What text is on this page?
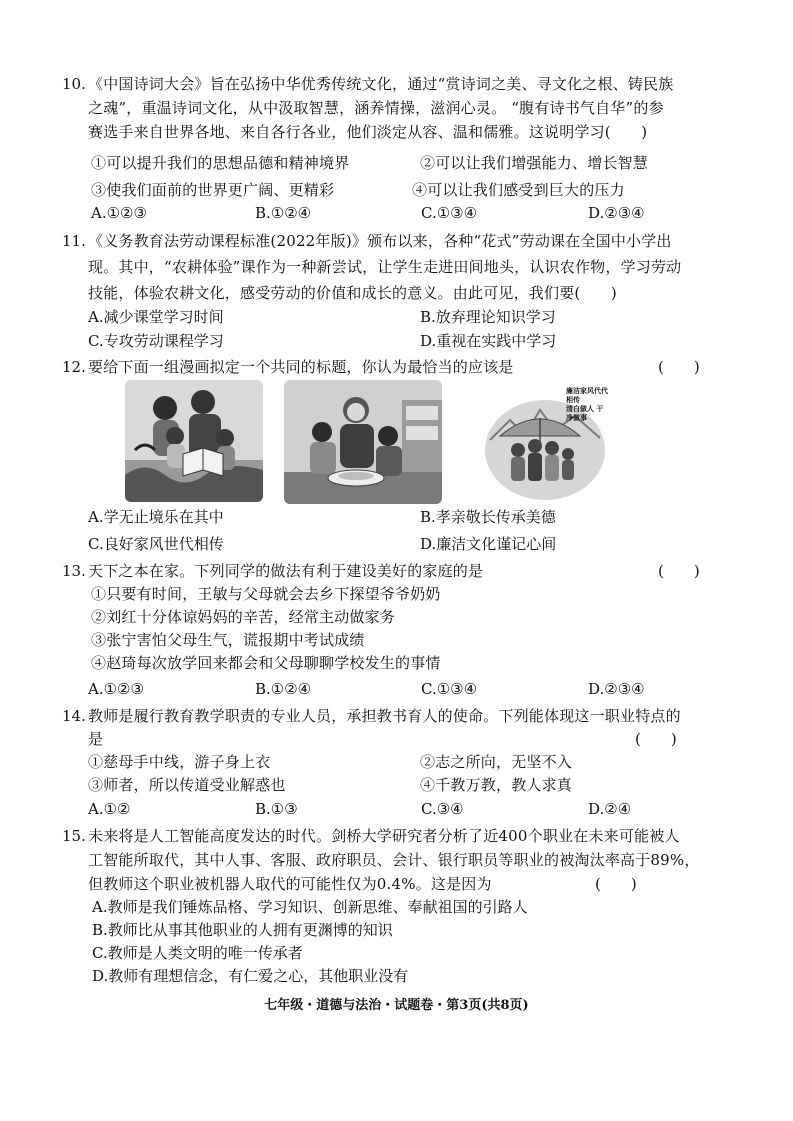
10. 《中国诗词大会》旨在弘扬中华优秀传统文化，通过“赏诗词之美、寻文化之根、铸民族
之魂”，重温诗词文化，从中汲取智慧，涵养情操，滋润心灵。 “腹有诗书气自华”的参
赛选手来自世界各地、来自各行各业，他们淡定从容、温和儒雅。这说明学习(　　)
①可以提升我们的思想品德和精神境界	②可以让我们增强能力、增长智慧
③使我们面前的世界更广阔、更精彩	④可以让我们感受到巨大的压力
A.①②③	B.①②④	C.①③④	D.②③④
11. 《义务教育法劳动课程标准(2022年版)》颁布以来，各种“花式”劳动课在全国中小学出
现。其中，“农耕体验”课作为一种新尝试，让学生走进田间地头，认识农作物，学习劳动
技能，体验农耕文化，感受劳动的价值和成长的意义。由此可见，我们要(　　)
A.减少课堂学习时间	B.放弃理论知识学习
C.专攻劳动课程学习	D.重视在实践中学习
12. 要给下面一组漫画拟定一个共同的标题，你认为最恰当的应该是	(　　)
廉洁家风代代相传
清白做人 干净做事
A.学无止境乐在其中	B.孝亲敬长传承美德
C.良好家风世代相传	D.廉洁文化谨记心间
13. 天下之本在家。下列同学的做法有利于建设美好的家庭的是	(　　)
①只要有时间，王敏与父母就会去乡下探望爷爷奶奶
②刘红十分体谅妈妈的辛苦，经常主动做家务
③张宁害怕父母生气，谎报期中考试成绩
④赵琦每次放学回来都会和父母聊聊学校发生的事情
A.①②③	B.①②④	C.①③④	D.②③④
14. 教师是履行教育教学职责的专业人员，承担教书育人的使命。下列能体现这一职业特点的
是	(　　)
①慈母手中线，游子身上衣	②志之所向，无坚不入
③师者，所以传道受业解惑也	④千教万教，教人求真
A.①②	B.①③	C.③④	D.②④
15. 未来将是人工智能高度发达的时代。剑桥大学研究者分析了近400个职业在未来可能被人
工智能所取代，其中人事、客服、政府职员、会计、银行职员等职业的被淘汰率高于89%，
但教师这个职业被机器人取代的可能性仅为0.4%。这是因为	(　　)
A.教师是我们锤炼品格、学习知识、创新思维、奉献祖国的引路人
B.教师比从事其他职业的人拥有更渊博的知识
C.教师是人类文明的唯一传承者
D.教师有理想信念，有仁爱之心，其他职业没有
七年级・道德与法治・试题卷・第3页(共8页)
